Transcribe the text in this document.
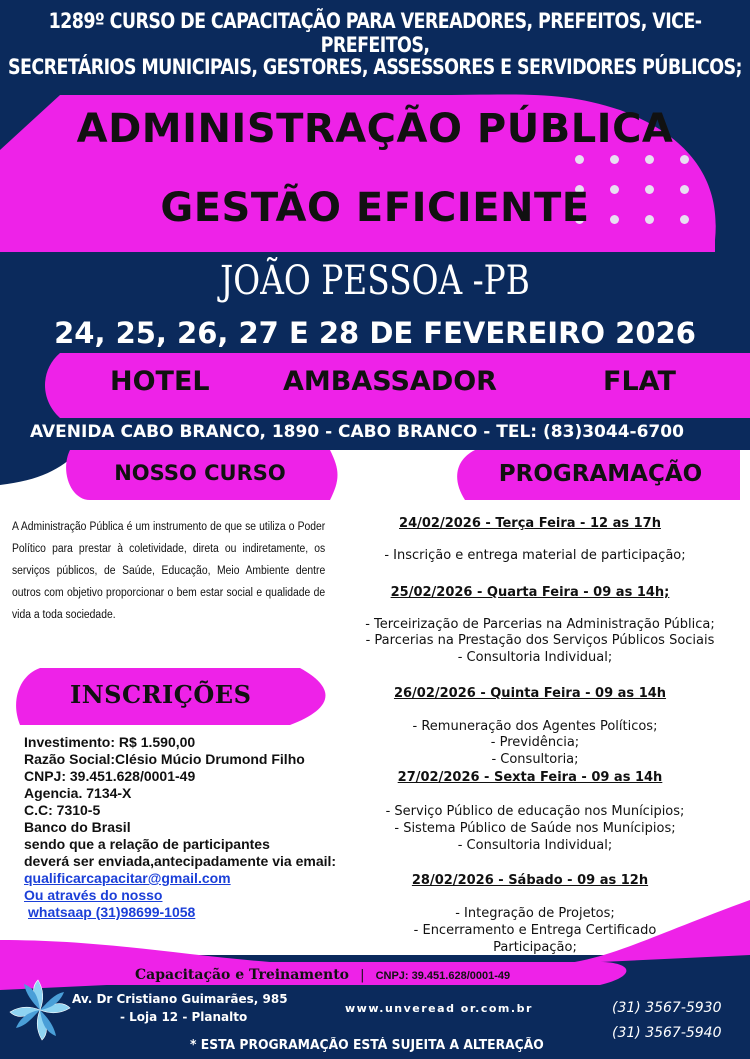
1289º CURSO DE CAPACITAÇÃO PARA VEREADORES, PREFEITOS, VICE-PREFEITOS,
SECRETÁRIOS MUNICIPAIS, GESTORES, ASSESSORES E SERVIDORES PÚBLICOS;
ADMINISTRAÇÃO PÚBLICA
GESTÃO EFICIENTE
JOÃO PESSOA -PB
24, 25, 26, 27 E 28 DE FEVEREIRO 2026
HOTEL	AMBASSADOR	FLAT
AVENIDA CABO BRANCO, 1890 - CABO BRANCO - TEL: (83)3044-6700
NOSSO CURSO
A Administração Pública é um instrumento de que se utiliza o Poder Político para prestar à coletividade, direta ou indiretamente, os serviços públicos, de Saúde, Educação, Meio Ambiente dentre outros com objetivo proporcionar o bem estar social e qualidade de vida a toda sociedade.
PROGRAMAÇÃO
24/02/2026 - Terça Feira - 12 as 17h
- Inscrição e entrega material de participação;
25/02/2026 - Quarta Feira - 09 as 14h;
- Terceirização de Parcerias na Administração Pública;
- Parcerias na Prestação dos Serviços Públicos Sociais
- Consultoria Individual;
26/02/2026 - Quinta Feira - 09 as 14h
- Remuneração dos Agentes Políticos;
- Previdência;
- Consultoria;
27/02/2026 - Sexta Feira - 09 as 14h
- Serviço Público de educação nos Munícipios;
- Sistema Público de Saúde nos Munícipios;
- Consultoria Individual;
28/02/2026 - Sábado - 09 as 12h
- Integração de Projetos;
- Encerramento e Entrega Certificado
Participação;
INSCRIÇÕES
Investimento: R$ 1.590,00
Razão Social:Clésio Múcio Drumond Filho
CNPJ: 39.451.628/0001-49
Agencia. 7134-X
C.C: 7310-5
Banco do Brasil
sendo que a relação de participantes
deverá ser enviada,antecipadamente via email:
qualificarcapacitar@gmail.com
Ou através do nosso
whatsaap (31)98699-1058
Capacitação e Treinamento | CNPJ: 39.451.628/0001-49
Av. Dr Cristiano Guimarães, 985
- Loja 12 - Planalto
www.unveread or.com.br	(31) 3567-5930
(31) 3567-5940
* ESTA PROGRAMAÇÃO ESTÁ SUJEITA A ALTERAÇÃO
